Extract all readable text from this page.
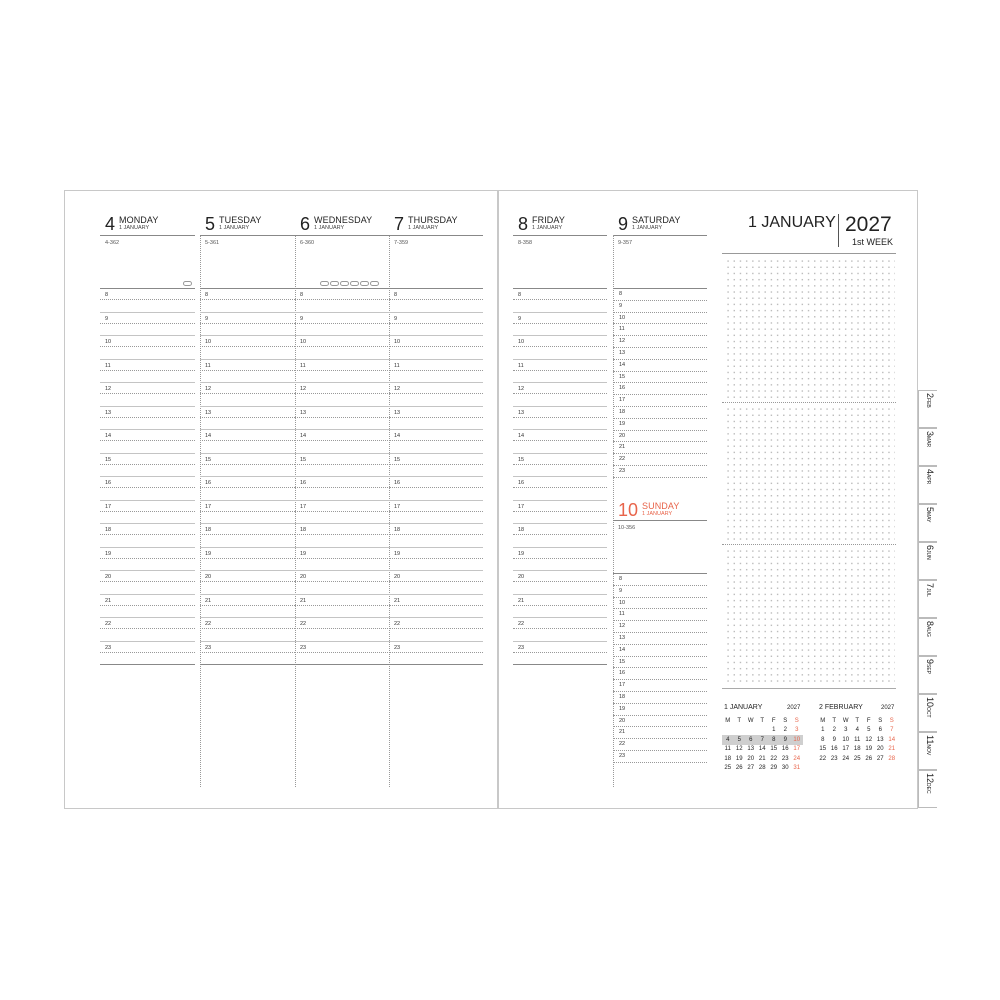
4 MONDAY
1 JANUARY
4-362
8
9
10
11
12
13
14
15
16
17
18
19
20
21
22
23
5 TUESDAY
1 JANUARY
5-361
8
9
10
11
12
13
14
15
16
17
18
19
20
21
22
23
6 WEDNESDAY
1 JANUARY
6-360
8
9
10
11
12
13
14
15
16
17
18
19
20
21
22
23
7 THURSDAY
1 JANUARY
7-359
8
9
10
11
12
13
14
15
16
17
18
19
20
21
22
23
8 FRIDAY
1 JANUARY
8-358
8
9
10
11
12
13
14
15
16
17
18
19
20
21
22
23
9 SATURDAY
1 JANUARY
9-357
8
9
10
11
12
13
14
15
16
17
18
19
20
21
22
23
10 SUNDAY
1 JANUARY
10-356
8
9
10
11
12
13
14
15
16
17
18
19
20
21
22
23
1 JANUARY 2027
1st WEEK
1 JANUARY	2027
M	T	W	T	F	S	S
				1	2	3
4	5	6	7	8	9	10
11	12	13	14	15	16	17
18	19	20	21	22	23	24
25	26	27	28	29	30	31
2 FEBRUARY	2027
M	T	W	T	F	S	S
1	2	3	4	5	6	7
8	9	10	11	12	13	14
15	16	17	18	19	20	21
22	23	24	25	26	27	28
2FEB
3MAR
4APR
5MAY
6JUN
7JUL
8AUG
9SEP
10OCT
11NOV
12DEC
